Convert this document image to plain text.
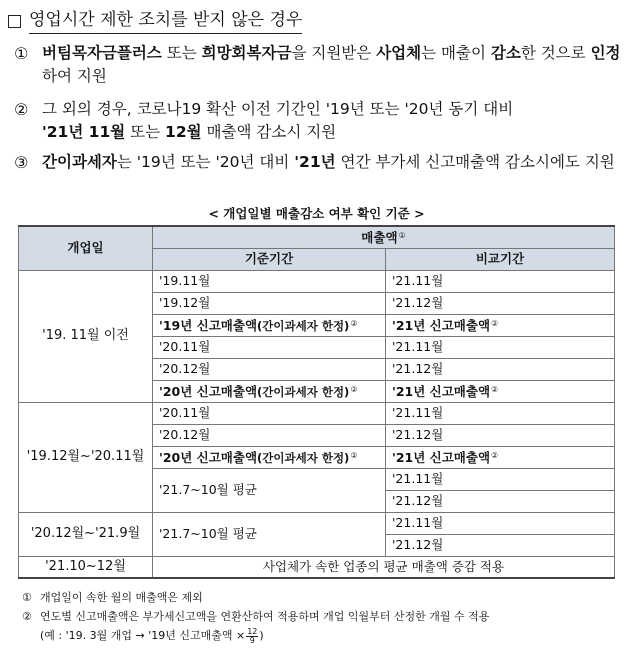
영업시간 제한 조치를 받지 않은 경우
① 버팀목자금플러스 또는 희망회복자금을 지원받은 사업체는 매출이 감소한 것으로 인정하여 지원
② 그 외의 경우, 코로나19 확산 이전 기간인 '19년 또는 '20년 동기 대비
'21년 11월 또는 12월 매출액 감소시 지원
③ 간이과세자는 '19년 또는 '20년 대비 '21년 연간 부가세 신고매출액 감소시에도 지원
< 개업일별 매출감소 여부 확인 기준 >
개업일	매출액①
	기준기간	비교기간
'19. 11월 이전	'19.11월	'21.11월
	'19.12월	'21.12월
	'19년 신고매출액(간이과세자 한정)②	'21년 신고매출액②
	'20.11월	'21.11월
	'20.12월	'21.12월
	'20년 신고매출액(간이과세자 한정)②	'21년 신고매출액②
'19.12월~'20.11월	'20.11월	'21.11월
	'20.12월	'21.12월
	'20년 신고매출액(간이과세자 한정)②	'21년 신고매출액②
	'21.7~10월 평균	'21.11월
		'21.12월
'20.12월~'21.9월	'21.7~10월 평균	'21.11월
		'21.12월
'21.10~12월	사업체가 속한 업종의 평균 매출액 증감 적용	
① 개업일이 속한 월의 매출액은 제외
② 연도별 신고매출액은 부가세신고액을 연환산하여 적용하며 개업 익월부터 산정한 개월 수 적용
(예 : '19. 3월 개업 → '19년 신고매출액 × $\frac{12}{9}$ )
